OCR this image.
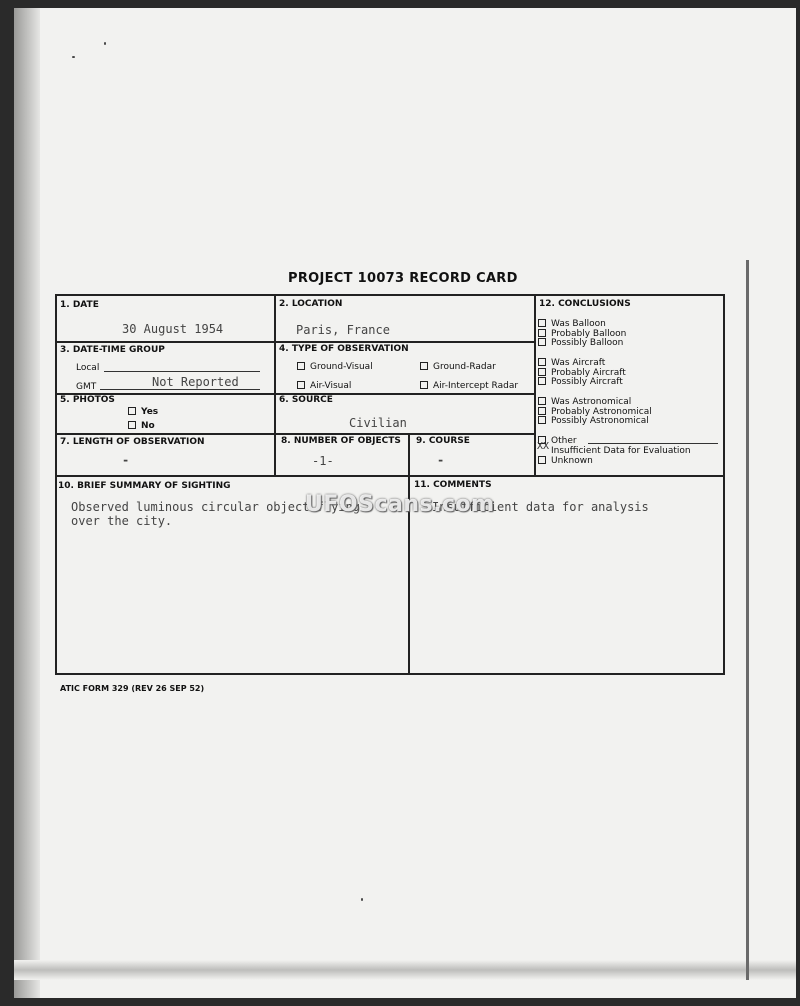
PROJECT 10073 RECORD CARD
1. DATE
30 August 1954
2. LOCATION
Paris, France
3. DATE-TIME GROUP
Local
GMT	Not Reported
4. TYPE OF OBSERVATION
Ground-Visual	Ground-Radar
Air-Visual	Air-Intercept Radar
5. PHOTOS
Yes
No
6. SOURCE
Civilian
7. LENGTH OF OBSERVATION
-
8. NUMBER OF OBJECTS
-1-
9. COURSE
-
10. BRIEF SUMMARY OF SIGHTING
Observed luminous circular object flying
over the city.
11. COMMENTS
Insufficient data for analysis
12. CONCLUSIONS
Was Balloon
Probably Balloon
Possibly Balloon
Was Aircraft
Probably Aircraft
Possibly Aircraft
Was Astronomical
Probably Astronomical
Possibly Astronomical
Other
Insufficient Data for Evaluation
XX
Unknown
ATIC FORM 329 (REV 26 SEP 52)
UFOScans.com
